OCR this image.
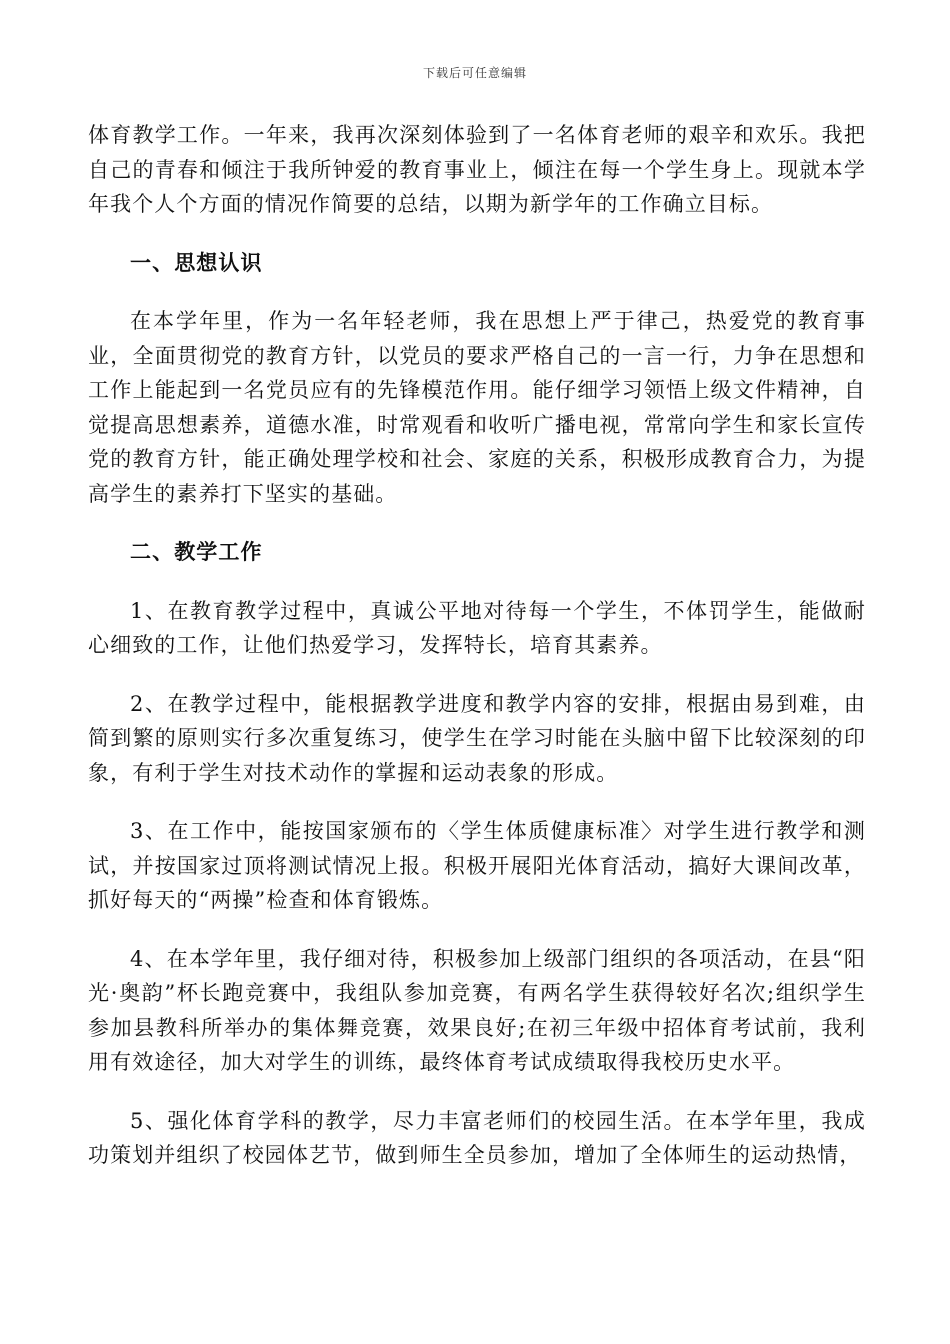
下载后可任意编辑

体育教学工作。一年来，我再次深刻体验到了一名体育老师的艰辛和欢乐。我把自己的青春和倾注于我所钟爱的教育事业上，倾注在每一个学生身上。现就本学年我个人个方面的情况作简要的总结，以期为新学年的工作确立目标。

一、思想认识

在本学年里，作为一名年轻老师，我在思想上严于律己，热爱党的教育事业，全面贯彻党的教育方针，以党员的要求严格自己的一言一行，力争在思想和工作上能起到一名党员应有的先锋模范作用。能仔细学习领悟上级文件精神，自觉提高思想素养，道德水准，时常观看和收听广播电视，常常向学生和家长宣传党的教育方针，能正确处理学校和社会、家庭的关系，积极形成教育合力，为提高学生的素养打下坚实的基础。

二、教学工作

1、在教育教学过程中，真诚公平地对待每一个学生，不体罚学生，能做耐心细致的工作，让他们热爱学习，发挥特长，培育其素养。

2、在教学过程中，能根据教学进度和教学内容的安排，根据由易到难，由简到繁的原则实行多次重复练习，使学生在学习时能在头脑中留下比较深刻的印象，有利于学生对技术动作的掌握和运动表象的形成。

3、在工作中，能按国家颁布的〈学生体质健康标准〉对学生进行教学和测试，并按国家过顶将测试情况上报。积极开展阳光体育活动，搞好大课间改革，抓好每天的“两操”检查和体育锻炼。

4、在本学年里，我仔细对待，积极参加上级部门组织的各项活动，在县“阳光·奥韵”杯长跑竞赛中，我组队参加竞赛，有两名学生获得较好名次;组织学生参加县教科所举办的集体舞竞赛，效果良好;在初三年级中招体育考试前，我利用有效途径，加大对学生的训练，最终体育考试成绩取得我校历史水平。

5、强化体育学科的教学，尽力丰富老师们的校园生活。在本学年里，我成功策划并组织了校园体艺节，做到师生全员参加，增加了全体师生的运动热情，
